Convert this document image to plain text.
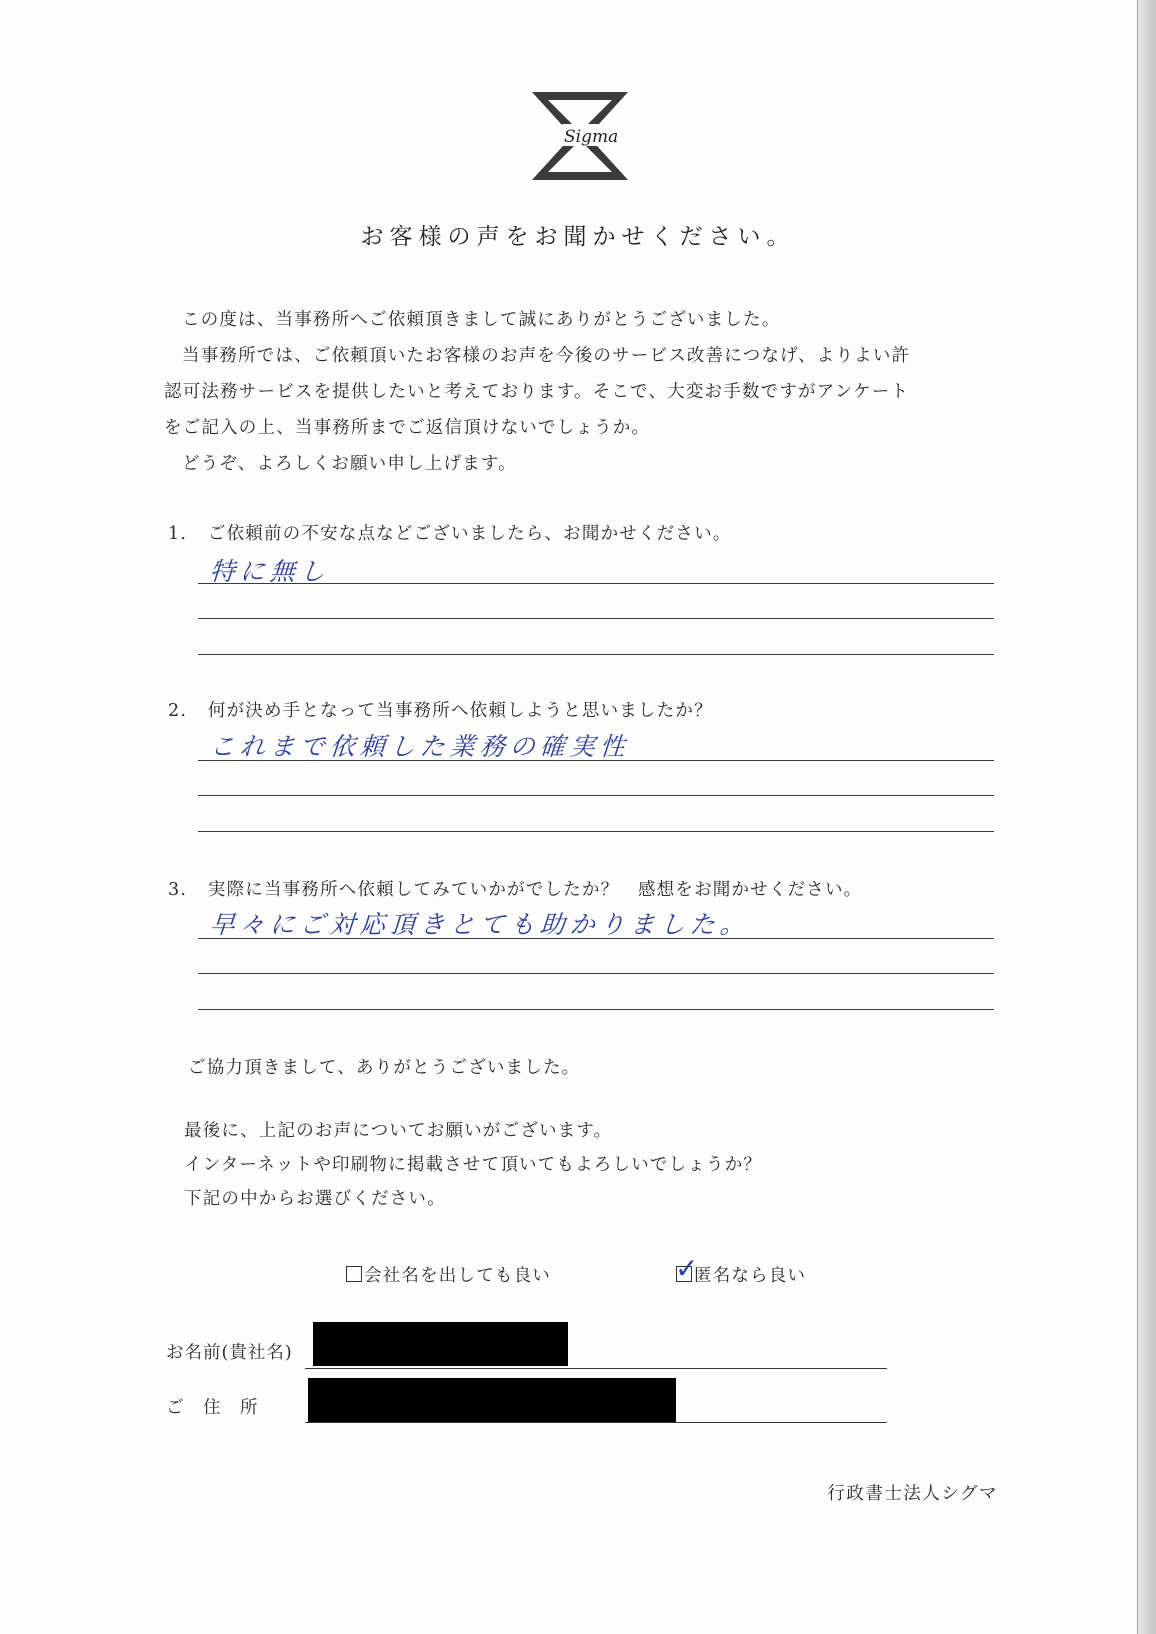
Sigma
お客様の声をお聞かせください。

この度は、当事務所へご依頼頂きまして誠にありがとうございました。

当事務所では、ご依頼頂いたお客様のお声を今後のサービス改善につなげ、よりよい許

認可法務サービスを提供したいと考えております。そこで、大変お手数ですがアンケート

をご記入の上、当事務所までご返信頂けないでしょうか。

どうぞ、よろしくお願い申し上げます。

1. ご依頼前の不安な点などございましたら、お聞かせください。
特に無し
2. 何が決め手となって当事務所へ依頼しようと思いましたか？
これまで依頼した業務の確実性
3. 実際に当事務所へ依頼してみていかがでしたか？　感想をお聞かせください。
早々にご対応頂きとても助かりました。
ご協力頂きまして、ありがとうございました。

最後に、上記のお声についてお願いがございます。

インターネットや印刷物に掲載させて頂いてもよろしいでしょうか？

下記の中からお選びください。

会社名を出しても良い	✓
匿名なら良い
お名前(貴社名)
ご　住　所
行政書士法人シグマ
